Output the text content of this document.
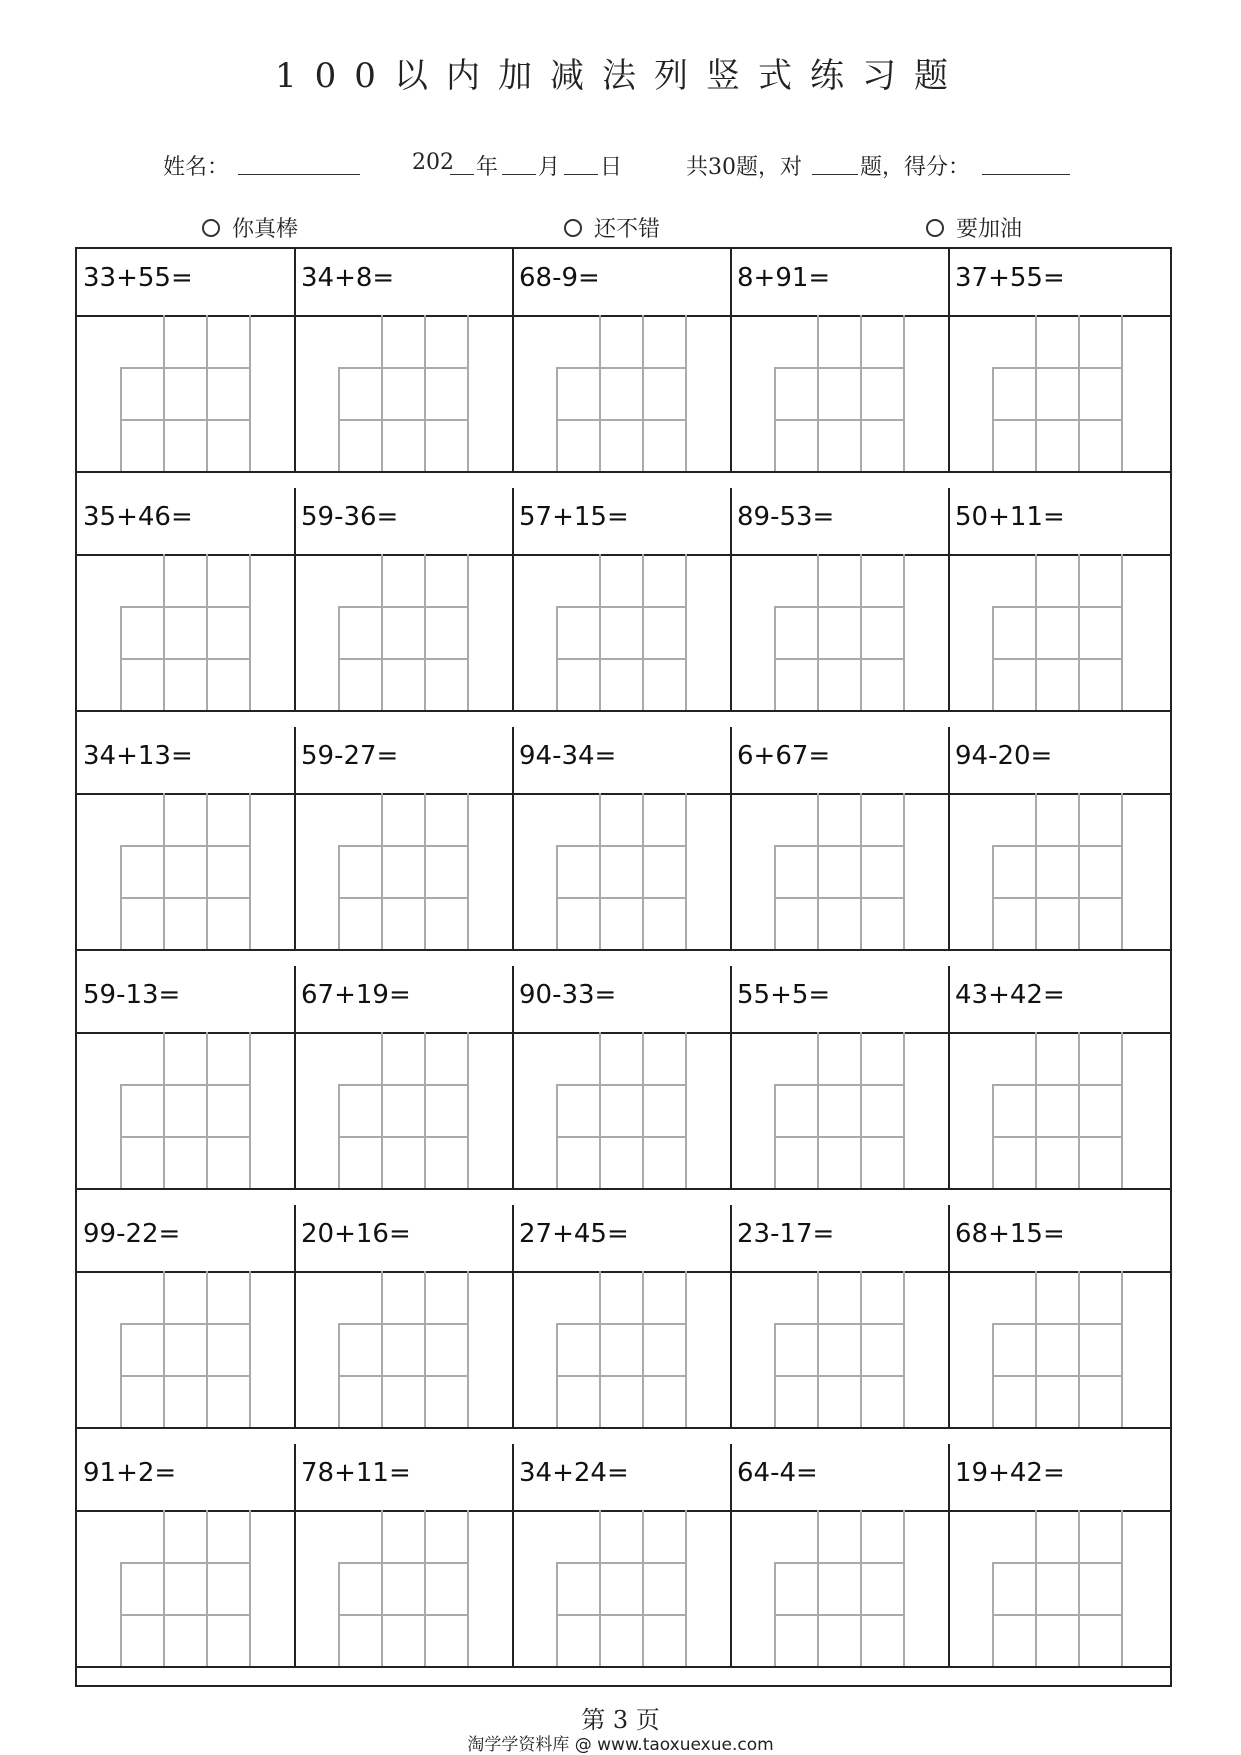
100以内加减法列竖式练习题
姓名：	202 年 月 日	共30题，对	题，得分：
你真棒	还不错	要加油
33+55=	34+8=	68-9=	8+91=	37+55=
35+46=	59-36=	57+15=	89-53=	50+11=
34+13=	59-27=	94-34=	6+67=	94-20=
59-13=	67+19=	90-33=	55+5=	43+42=
99-22=	20+16=	27+45=	23-17=	68+15=
91+2=	78+11=	34+24=	64-4=	19+42=
第 3 页
淘学学资料库 @ www.taoxuexue.com
